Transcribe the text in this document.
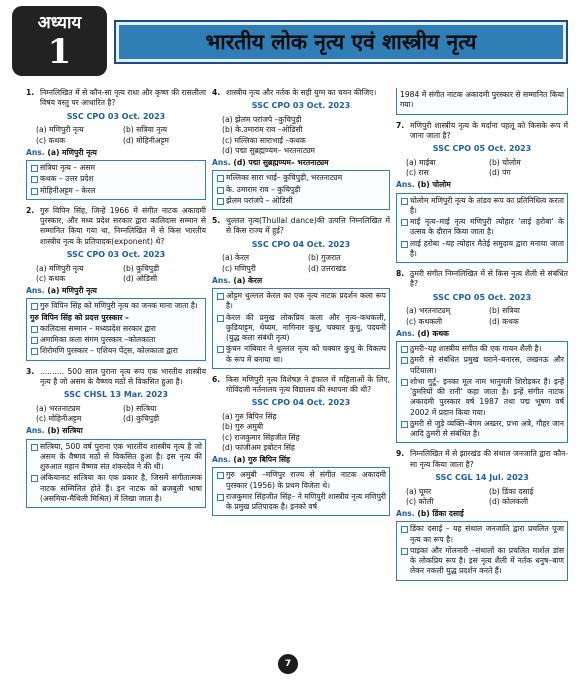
अध्याय
1	भारतीय लोक नृत्य एवं शास्त्रीय नृत्य
1. निम्नलिखित में से कौन-सा नृत्य राधा और कृष्ण की रासलीला विषय वस्तु पर आधारित है?
SSC CPO 03 Oct. 2023
(a) मणिपुरी नृत्य	(b) सत्रिया नृत्य
(c) कथक	(d) मोहिनीअट्टम
Ans. (a) मणिपुरी नृत्य
सत्रिया नृत्य – असम
कथक – उत्तर प्रदेश
मोहिनीअट्टम – केरल
2. गुरु विपिन सिंह, जिन्हें 1966 में संगीत नाटक अकादमी पुरस्कार, और मध्य प्रदेश सरकार द्वारा कालिदास सम्मान से सम्मानित किया गया था, निम्नलिखित में से किस भारतीय शास्त्रीय नृत्य के प्रतिपादक(exponent) थे?
SSC CPO 03 Oct. 2023
(a) मणिपुरी नृत्य	(b) कुचिपुड़ी
(c) कथक	(d) ओडिसी
Ans. (a) मणिपुरी नृत्य
गुरु विपिन सिंह को मणिपुरी नृत्य का जनक माना जाता है।
गुरु विपिन सिंह को प्रदत्त पुरस्कार –
कालिदास सम्मान – मध्यप्रदेश सरकार द्वारा
अमामिका कला संगम पुरस्कार –कोलकाता
शिरोमणि पुरस्कार – एशियन पेंट्स, कोलकाता द्वारा
3. .......... 500 साल पुराना नृत्य रूप एक भारतीय शास्त्रीय नृत्य है जो असम के वैष्णव मठों से विकसित हुआ है।
SSC CHSL 13 Mar. 2023
(a) भरतनाट्यम	(b) सत्त्रिया
(c) मोहिनीअट्टम	(d) कुचिपुड़ी
Ans. (b) सत्त्रिया
सत्त्रिया, 500 वर्ष पुराना एक भारतीय शास्त्रीय नृत्य है जो असम के वैष्णव मठों से विकसित हुआ है। इस नृत्य की शुरुआत महान वैष्णव संत शंकरदेव ने की थी।
अंकियानाट सत्त्रिया का एक प्रकार है, जिसमें संगीतात्मक नाटक सम्मिलित होते हैं। इन नाटक को ब्रजबुली भाषा (असमिया-मैथिली मिश्रित) में लिखा जाता है।
4. शास्त्रीय नृत्य और नर्तक के सही युग्म का चयन कीजिए।
SSC CPO 03 Oct. 2023
(a) झेलम परांजपे –कुचिपुड़ी
(b) के.उमाराम राव –ओडिसी
(c) मल्लिका साराभाई –कथक
(d) पद्मा सुब्रह्मण्यम– भरतनाट्यम
Ans. (d) पद्मा सुब्रह्मण्यम– भरतनाट्यम
मल्लिका सारा भाई– कुचिपुड़ी, भरतनाट्यम
के. उमाराम राव – कुचिपुड़ी
झेलम परांजपे – ओडिसी
5. थुल्लल नृत्य(Thullal dance)की उत्पत्ति निम्नलिखित में से किस राज्य में हुई?
SSC CPO 04 Oct. 2023
(a) केरल	(b) गुजरात
(c) मणिपुरी	(d) उत्तराखंड
Ans. (a) केरल
ओट्टम थुल्लल केरल का एक नृत्य नाटक प्रदर्शन कला रूप है।
केरल की प्रमुख लोकप्रिय कला और नृत्य–कथकली, कुडियाट्टम, थेय्यम, नागिनार कुथु, चक्यार कुथु, पदयनी (युद्ध कला संबंधी नृत्य)
कुंचन नांबियार ने थुल्लल नृत्य को चक्यार कुथु के विकल्प के रूप में बनाया था।
6. किस मणिपुरी नृत्य विशेषज्ञ ने इंफाल में महिलाओं के लिए, गोविंदजी नर्तनालय नृत्य विद्यालय की स्थापना की थी?
SSC CPO 04 Oct. 2023
(a) गुरु बिपिन सिंह
(b) गुरु अमुबी
(c) राजकुमार सिंहजीत सिंह
(d) फांजीअम इबोटन सिंह
Ans. (a) गुरु बिपिन सिंह
गुरु अमुबी –मणिपुर राज्य से संगीत नाटक अकादमी पुरस्कार (1956) के प्रथम विजेता थे।
राजकुमार सिंहजीत सिंह– ने मणिपुरी शास्त्रीय नृत्य मणिपुरी के प्रमुख प्रतिपादक है। इनको वर्ष
1984 में संगीत नाटक अकादमी पुरस्कार से सम्मानित किया गया।
7. मणिपुरी शास्त्रीय नृत्य के मर्दाना पहलू को किसके रूप में जाना जाता है?
SSC CPO 05 Oct. 2023
(a) माईबा	(b) चोलोम
(c) रास	(d) पंग
Ans. (b) चोलोम
चोलोम मणिपुरी नृत्य के तांडव रूप का प्रतिनिधित्व करता है।
माईं नृत्य–माई नृत्य मणिपुरी त्योहार 'लाई हरोबा' के उत्सव के दौरान किया जाता है।
लाई हरोबा –यह त्योहार मैतेई समुदाय द्वारा मनाया जाता है।
8. ठुमरी संगीत निम्नलिखित में से किस नृत्य शैली से संबंधित है?
SSC CPO 05 Oct. 2023
(a) भरतनाट्यम्	(b) सत्रिया
(c) कथकली	(d) कथक
Ans. (d) कथक
ठुमरी–यह शास्त्रीय संगीत की एक गायन शैली है।
ठुमरी से संबंधित प्रमुख घराने–बनारस, लखनऊ और पटियाला।
शोभा गुर्टू– इनका मूल नाम भानुमती शिरोड़कर है। इन्हें 'ठुमरियों की रानी' कहा जाता है। इन्हें संगीत नाटक अकादमी पुरस्कार वर्ष 1987 तथा पद्म भूषण वर्ष 2002 में प्रदान किया गया।
ठुमरी से जुड़े व्यक्ति–बेगम अख्तर, प्रभा अत्रे, गौहर जान आदि ठुमरी से संबंधित है।
9. निम्नलिखित में से झारखंड की संथाल जनजाति द्वारा कौन-सा नृत्य किया जाता है?
SSC CGL 14 Jul. 2023
(a) घूमर	(b) डिंका दसाई
(c) कोली	(d) कोलकली
Ans. (b) डिंका दसाई
डिंका दसाई – यह संथाल जनजाति द्वारा प्रचलित पूजा नृत्य का रूप है।
पाइका और गोलनारी –संथालों का प्रचलित मार्शल डांस के लोकप्रिय रूप है। इस नृत्य शैली में नर्तक धनुष–बाण लेकर नकली युद्ध प्रदर्शन करते हैं।
7
